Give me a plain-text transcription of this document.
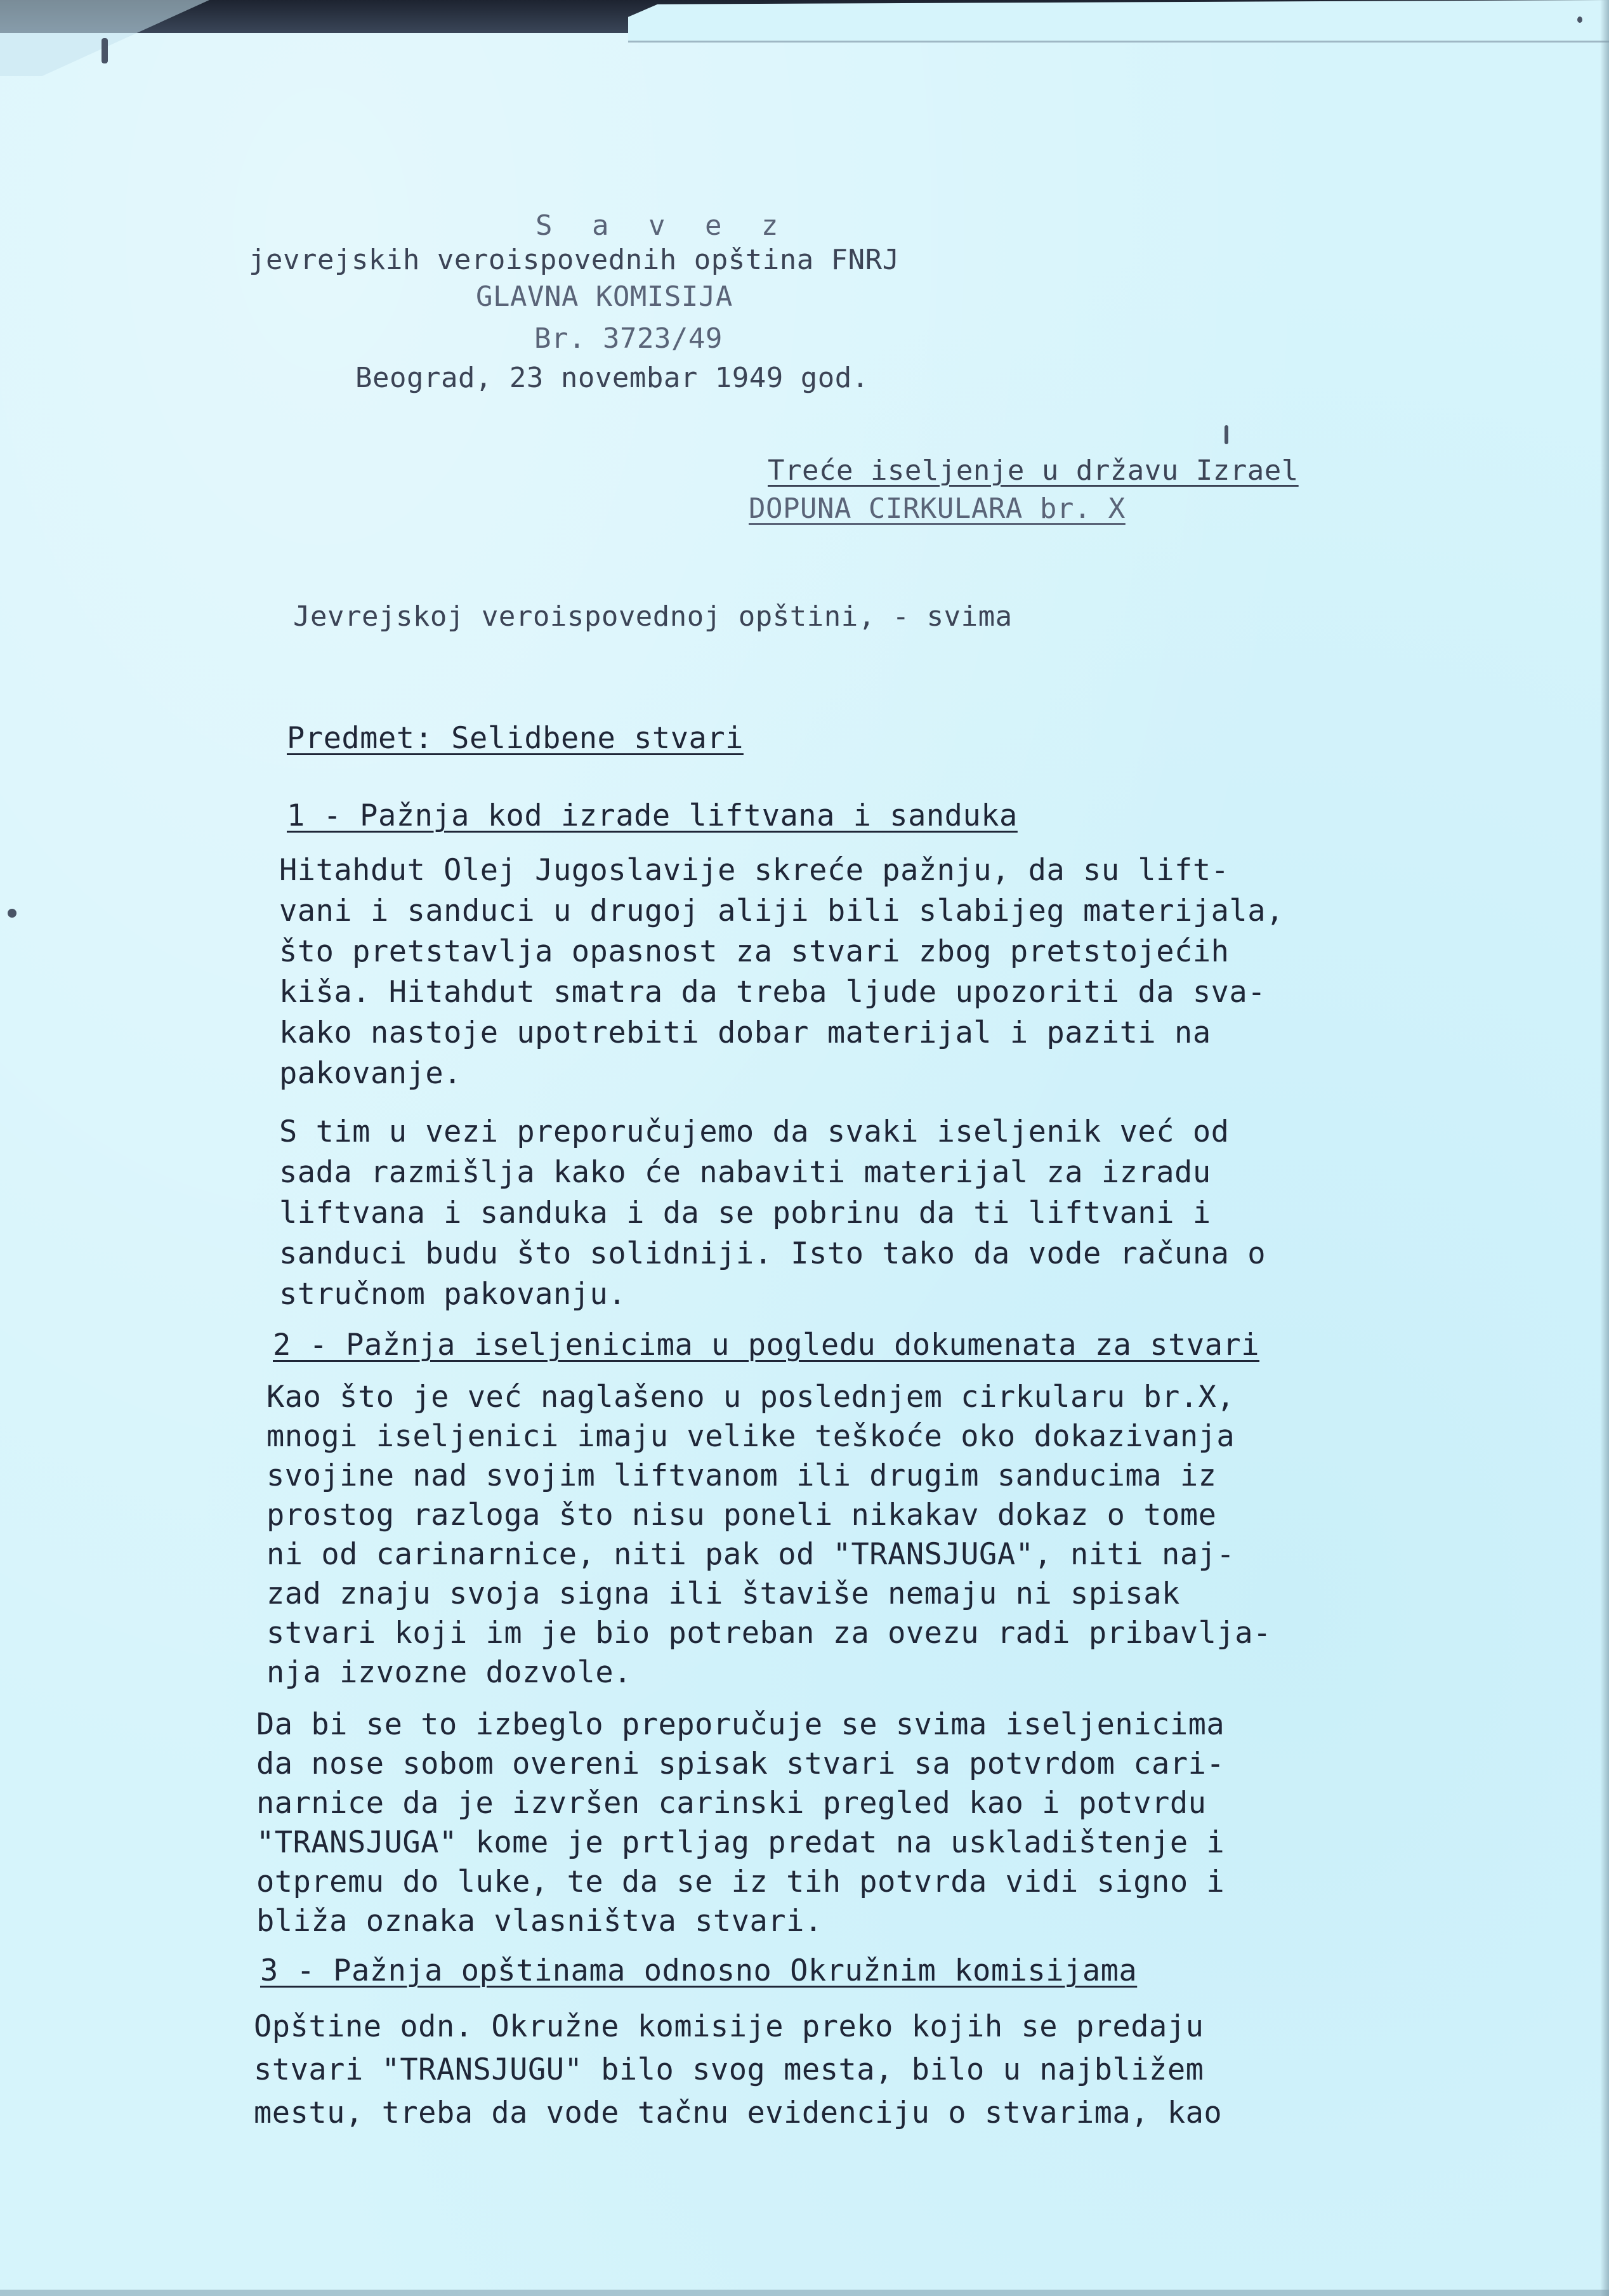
S a v e z
jevrejskih veroispovednih opština FNRJ
GLAVNA KOMISIJA
Br. 3723/49
Beograd, 23 novembar 1949 god.
Treće iseljenje u državu Izrael
DOPUNA CIRKULARA br. X
Jevrejskoj veroispovednoj opštini, - svima
Predmet: Selidbene stvari
1 - Pažnja kod izrade liftvana i sanduka
Hitahdut Olej Jugoslavije skreće pažnju, da su lift-
vani i sanduci u drugoj aliji bili slabijeg materijala,
što pretstavlja opasnost za stvari zbog pretstojećih
kiša. Hitahdut smatra da treba ljude upozoriti da sva-
kako nastoje upotrebiti dobar materijal i paziti na
pakovanje.
S tim u vezi preporučujemo da svaki iseljenik već od
sada razmišlja kako će nabaviti materijal za izradu
liftvana i sanduka i da se pobrinu da ti liftvani i
sanduci budu što solidniji. Isto tako da vode računa o
stručnom pakovanju.
2 - Pažnja iseljenicima u pogledu dokumenata za stvari
Kao što je već naglašeno u poslednjem cirkularu br.X,
mnogi iseljenici imaju velike teškoće oko dokazivanja
svojine nad svojim liftvanom ili drugim sanducima iz
prostog razloga što nisu poneli nikakav dokaz o tome
ni od carinarnice, niti pak od "TRANSJUGA", niti naj-
zad znaju svoja signa ili štaviše nemaju ni spisak
stvari koji im je bio potreban za ovezu radi pribavlja-
nja izvozne dozvole.
Da bi se to izbeglo preporučuje se svima iseljenicima
da nose sobom overeni spisak stvari sa potvrdom cari-
narnice da je izvršen carinski pregled kao i potvrdu
"TRANSJUGA" kome je prtljag predat na uskladištenje i
otpremu do luke, te da se iz tih potvrda vidi signo i
bliža oznaka vlasništva stvari.
3 - Pažnja opštinama odnosno Okružnim komisijama
Opštine odn. Okružne komisije preko kojih se predaju
stvari "TRANSJUGU" bilo svog mesta, bilo u najbližem
mestu, treba da vode tačnu evidenciju o stvarima, kao
